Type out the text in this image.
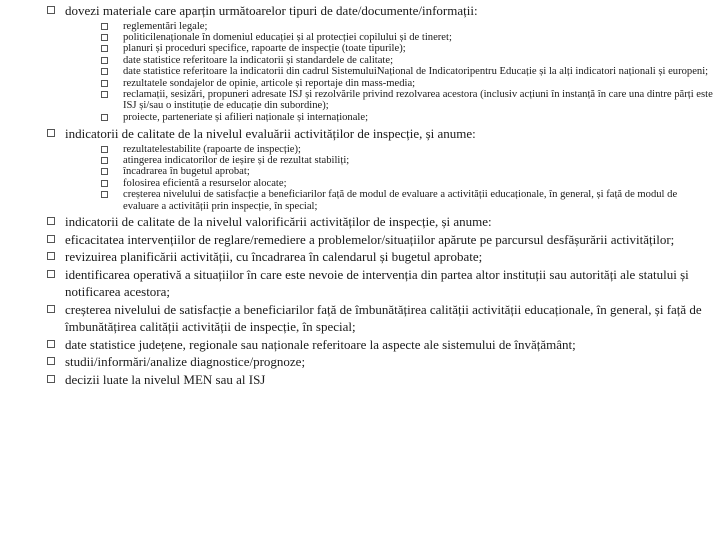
dovezi materiale care aparțin următoarelor tipuri de date/documente/informații:
reglementări legale;
politicilenaționale în domeniul educației și al protecției copilului și de tineret;
planuri și proceduri specifice, rapoarte de inspecție (toate tipurile);
date statistice referitoare la indicatorii și standardele de calitate;
date statistice referitoare la indicatorii din cadrul SistemuluiNațional de Indicatoripentru Educație și la alți indicatori naționali și europeni;
rezultatele sondajelor de opinie, articole și reportaje din mass-media;
reclamații, sesizări, propuneri adresate ISJ și rezolvările privind rezolvarea acestora (inclusiv acțiuni în instanță în care una dintre părți este ISJ și/sau o instituție de educație din subordine);
proiecte, parteneriate și afilieri naționale și internaționale;
indicatorii de calitate de la nivelul evaluării activităților de inspecție, și anume:
rezultatelestabilite (rapoarte de inspecție);
atingerea indicatorilor de ieșire și de rezultat stabiliți;
încadrarea în bugetul aprobat;
folosirea eficientă a resurselor alocate;
creșterea nivelului de satisfacție a beneficiarilor față de modul de evaluare a activității educaționale, în general, și față de modul de evaluare a activității prin inspecție, în special;
indicatorii de calitate de la nivelul valorificării activităților de inspecție, și anume:
eficacitatea intervențiilor de reglare/remediere a problemelor/situațiilor apărute pe parcursul desfășurării activităților;
revizuirea planificării activității, cu încadrarea în calendarul și bugetul aprobate;
identificarea operativă a situațiilor în care este nevoie de intervenția din partea altor instituții sau autorități ale statului și notificarea acestora;
creșterea nivelului de satisfacție a beneficiarilor față de îmbunătățirea calității activității educaționale, în general, și față de îmbunătățirea calității activității de inspecție, în special;
date statistice județene, regionale sau naționale referitoare la aspecte ale sistemului de învățământ;
studii/informări/analize diagnostice/prognoze;
decizii luate la nivelul MEN sau al ISJ
